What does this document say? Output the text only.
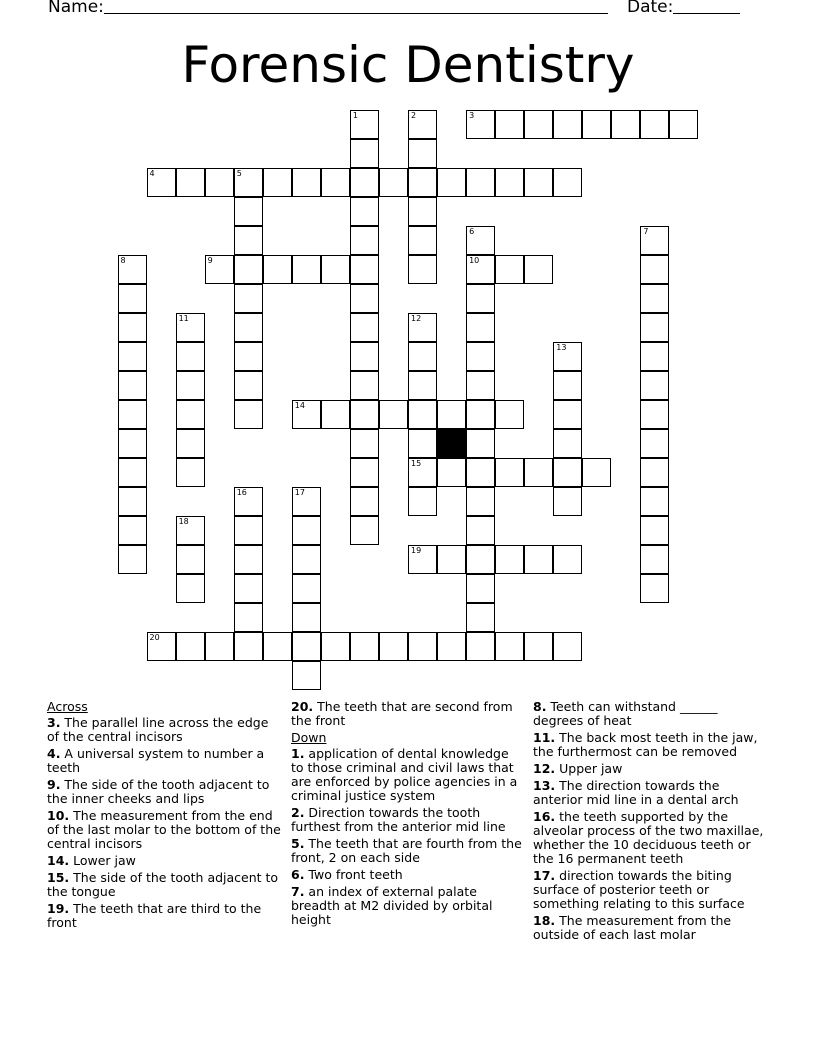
Name:	Date:
Forensic Dentistry
1	2	3
4	5
6	7
8	9	10
11	12
13
14
15
16	17
18
19
20
Across
3. The parallel line across the edge of the central incisors
4. A universal system to number a teeth
9. The side of the tooth adjacent to the inner cheeks and lips
10. The measurement from the end of the last molar to the bottom of the central incisors
14. Lower jaw
15. The side of the tooth adjacent to the tongue
19. The teeth that are third to the front
20. The teeth that are second from the front
Down
1. application of dental knowledge to those criminal and civil laws that are enforced by police agencies in a criminal justice system
2. Direction towards the tooth furthest from the anterior mid line
5. The teeth that are fourth from the front, 2 on each side
6. Two front teeth
7. an index of external palate breadth at M2 divided by orbital height
8. Teeth can withstand ______ degrees of heat
11. The back most teeth in the jaw, the furthermost can be removed
12. Upper jaw
13. The direction towards the anterior mid line in a dental arch
16. the teeth supported by the alveolar process of the two maxillae, whether the 10 deciduous teeth or the 16 permanent teeth
17. direction towards the biting surface of posterior teeth or something relating to this surface
18. The measurement from the outside of each last molar
